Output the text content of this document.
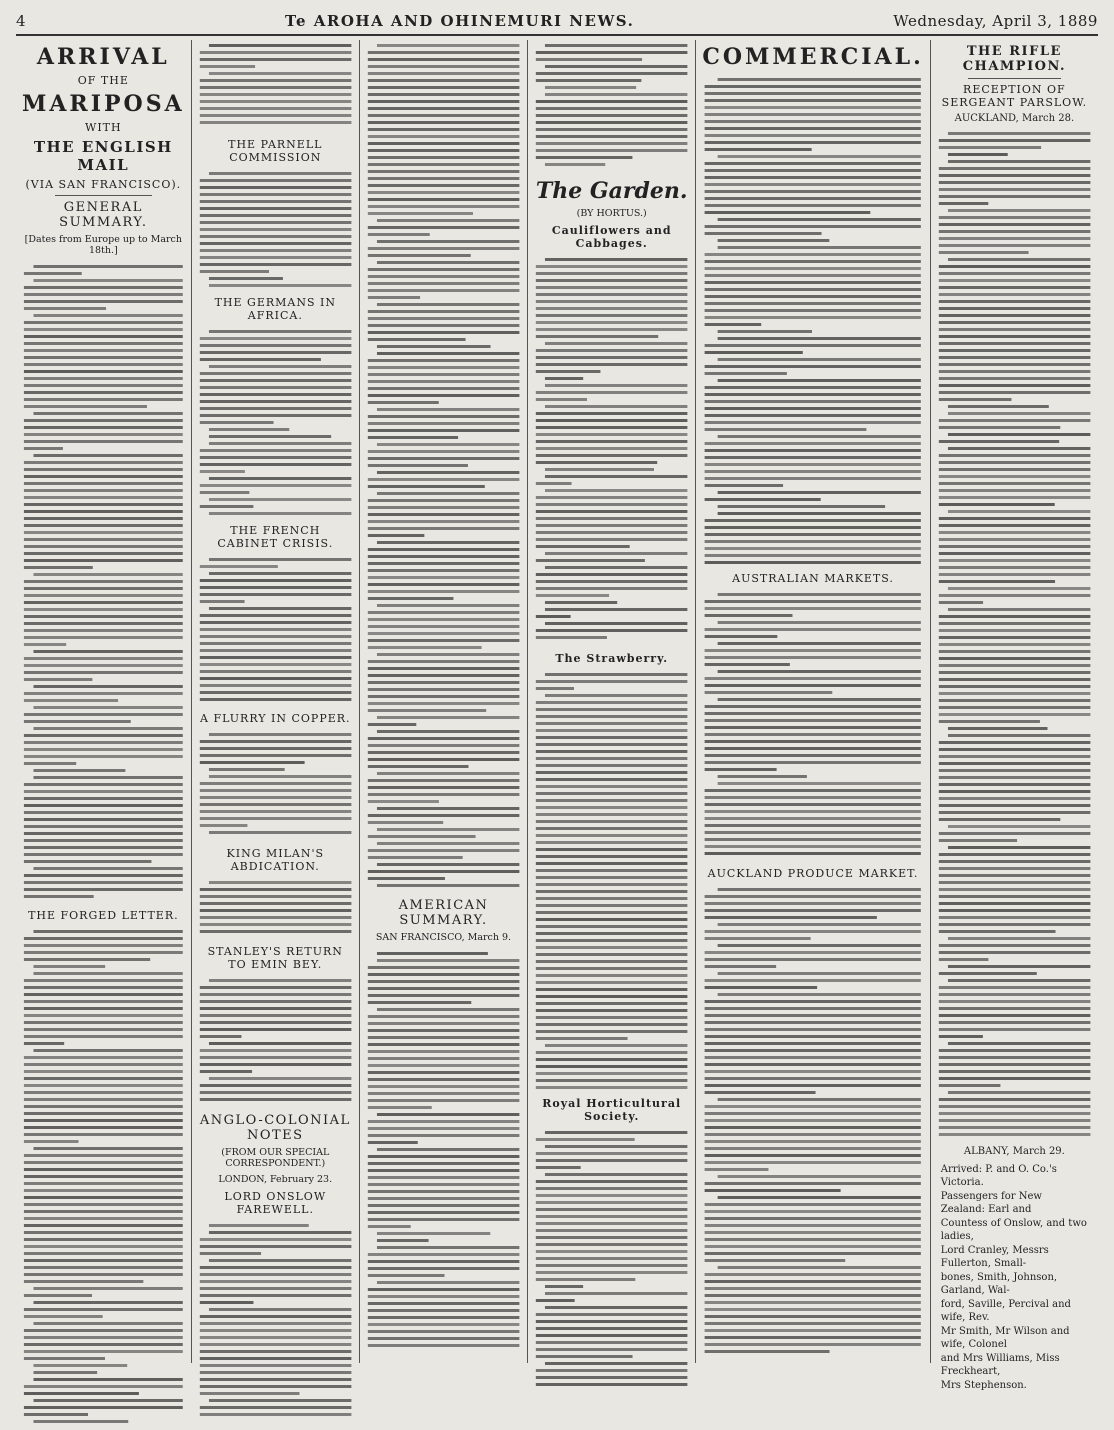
4	Te AROHA AND OHINEMURI NEWS.	Wednesday, April 3, 1889
ARRIVAL
OF THE
MARIPOSA
WITH
THE ENGLISH MAIL
(VIA SAN FRANCISCO).
GENERAL SUMMARY.
[Dates from Europe up to March 18th.]
THE FORGED LETTER.
THE PARNELL COMMISSION
THE GERMANS IN AFRICA.
THE FRENCH CABINET CRISIS.
A FLURRY IN COPPER.
KING MILAN'S ABDICATION.
STANLEY'S RETURN TO EMIN BEY.
ANGLO-COLONIAL NOTES
(FROM OUR SPECIAL CORRESPONDENT.)
LONDON, February 23.
LORD ONSLOW FAREWELL.
AMERICAN SUMMARY.
SAN FRANCISCO, March 9.
The Garden.
(BY HORTUS.)
Cauliflowers and Cabbages.
The Strawberry.
Royal Horticultural Society.
COMMERCIAL.
AUSTRALIAN MARKETS.
AUCKLAND PRODUCE MARKET.
THE RIFLE CHAMPION.
RECEPTION OF SERGEANT PARSLOW.
AUCKLAND, March 28.
ALBANY, March 29.
Arrived: P. and O. Co.'s Victoria.
Passengers for New Zealand: Earl and
Countess of Onslow, and two ladies,
Lord Cranley, Messrs Fullerton, Small-
bones, Smith, Johnson, Garland, Wal-
ford, Saville, Percival and wife, Rev.
Mr Smith, Mr Wilson and wife, Colonel
and Mrs Williams, Miss Freckheart,
Mrs Stephenson.
